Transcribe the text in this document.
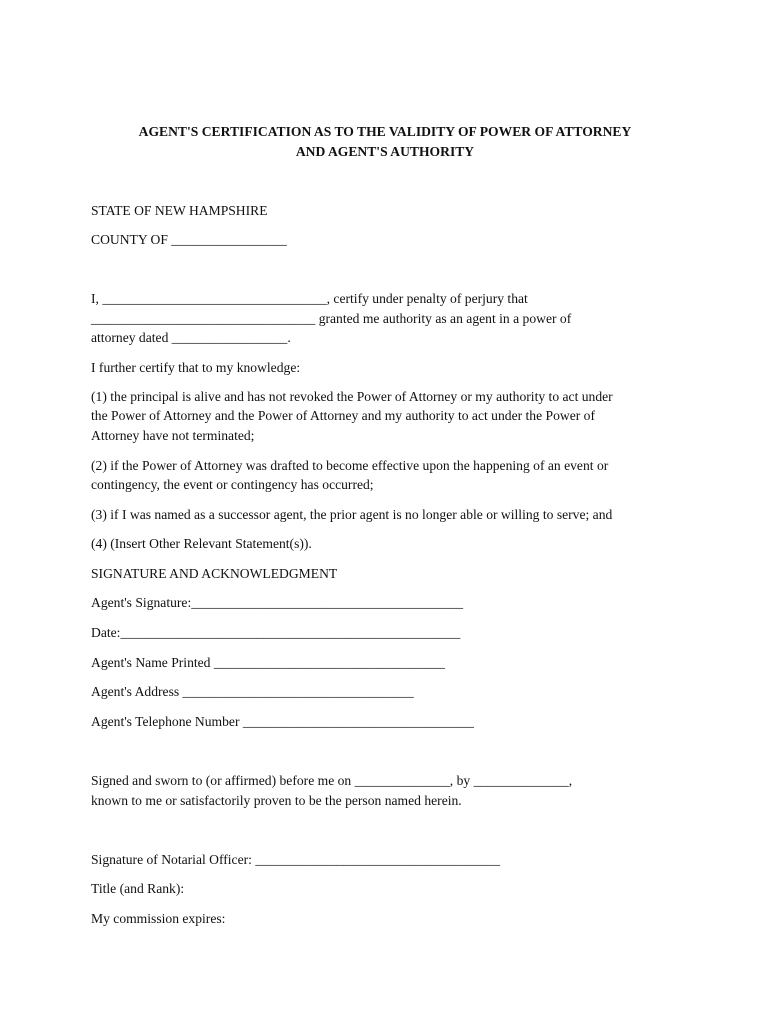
AGENT'S CERTIFICATION AS TO THE VALIDITY OF POWER OF ATTORNEY
AND AGENT'S AUTHORITY
STATE OF NEW HAMPSHIRE
COUNTY OF _________________
I, _________________________________, certify under penalty of perjury that
_________________________________ granted me authority as an agent in a power of
attorney dated _________________.
I further certify that to my knowledge:
(1) the principal is alive and has not revoked the Power of Attorney or my authority to act under
the Power of Attorney and the Power of Attorney and my authority to act under the Power of
Attorney have not terminated;
(2) if the Power of Attorney was drafted to become effective upon the happening of an event or
contingency, the event or contingency has occurred;
(3) if I was named as a successor agent, the prior agent is no longer able or willing to serve; and
(4) (Insert Other Relevant Statement(s)).
SIGNATURE AND ACKNOWLEDGMENT
Agent's Signature:________________________________________
Date:__________________________________________________
Agent's Name Printed __________________________________
Agent's Address __________________________________
Agent's Telephone Number __________________________________
Signed and sworn to (or affirmed) before me on ______________, by ______________,
known to me or satisfactorily proven to be the person named herein.
Signature of Notarial Officer: ____________________________________
Title (and Rank):
My commission expires:
